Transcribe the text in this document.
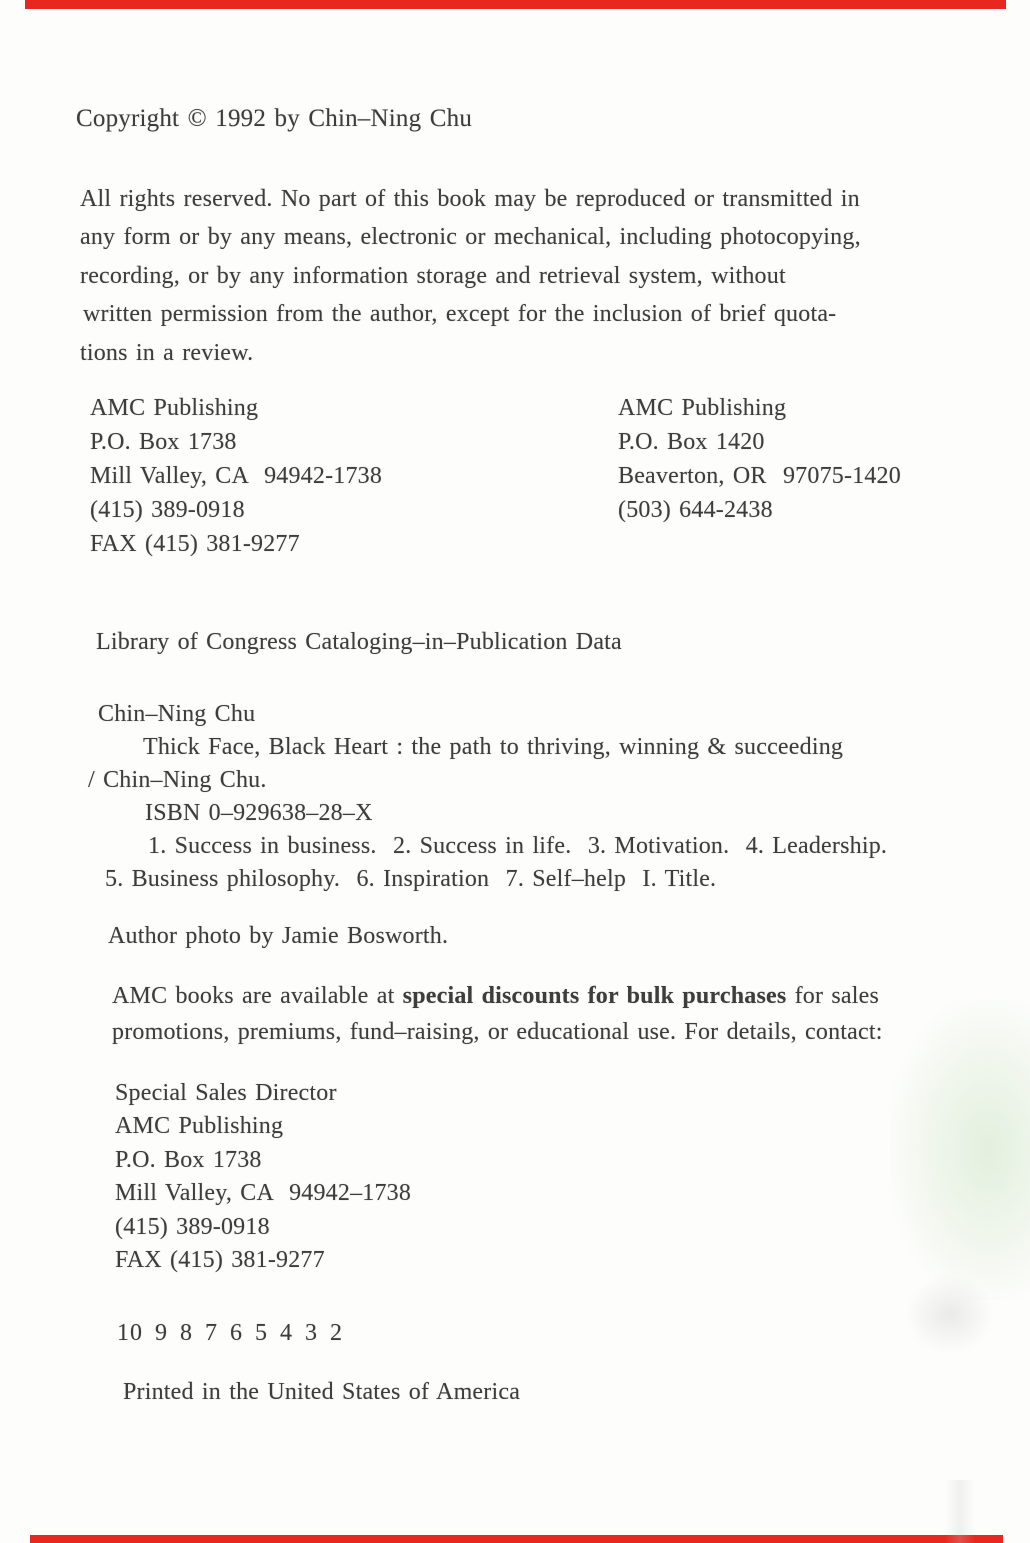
Copyright © 1992 by Chin–Ning Chu
All rights reserved. No part of this book may be reproduced or transmitted in
any form or by any means, electronic or mechanical, including photocopying,
recording, or by any information storage and retrieval system, without
written permission from the author, except for the inclusion of brief quota-
tions in a review.
AMC Publishing
P.O. Box 1738
Mill Valley, CA  94942-1738
(415) 389-0918
FAX (415) 381-9277
AMC Publishing
P.O. Box 1420
Beaverton, OR  97075-1420
(503) 644-2438
Library of Congress Cataloging–in–Publication Data
Chin–Ning Chu
Thick Face, Black Heart : the path to thriving, winning & succeeding
/ Chin–Ning Chu.
ISBN 0–929638–28–X
1. Success in business.  2. Success in life.  3. Motivation.  4. Leadership.
5. Business philosophy.  6. Inspiration  7. Self–help  I. Title.
Author photo by Jamie Bosworth.
AMC books are available at special discounts for bulk purchases for sales
promotions, premiums, fund–raising, or educational use. For details, contact:
Special Sales Director
AMC Publishing
P.O. Box 1738
Mill Valley, CA  94942–1738
(415) 389-0918
FAX (415) 381-9277
10 9 8 7 6 5 4 3 2
Printed in the United States of America
